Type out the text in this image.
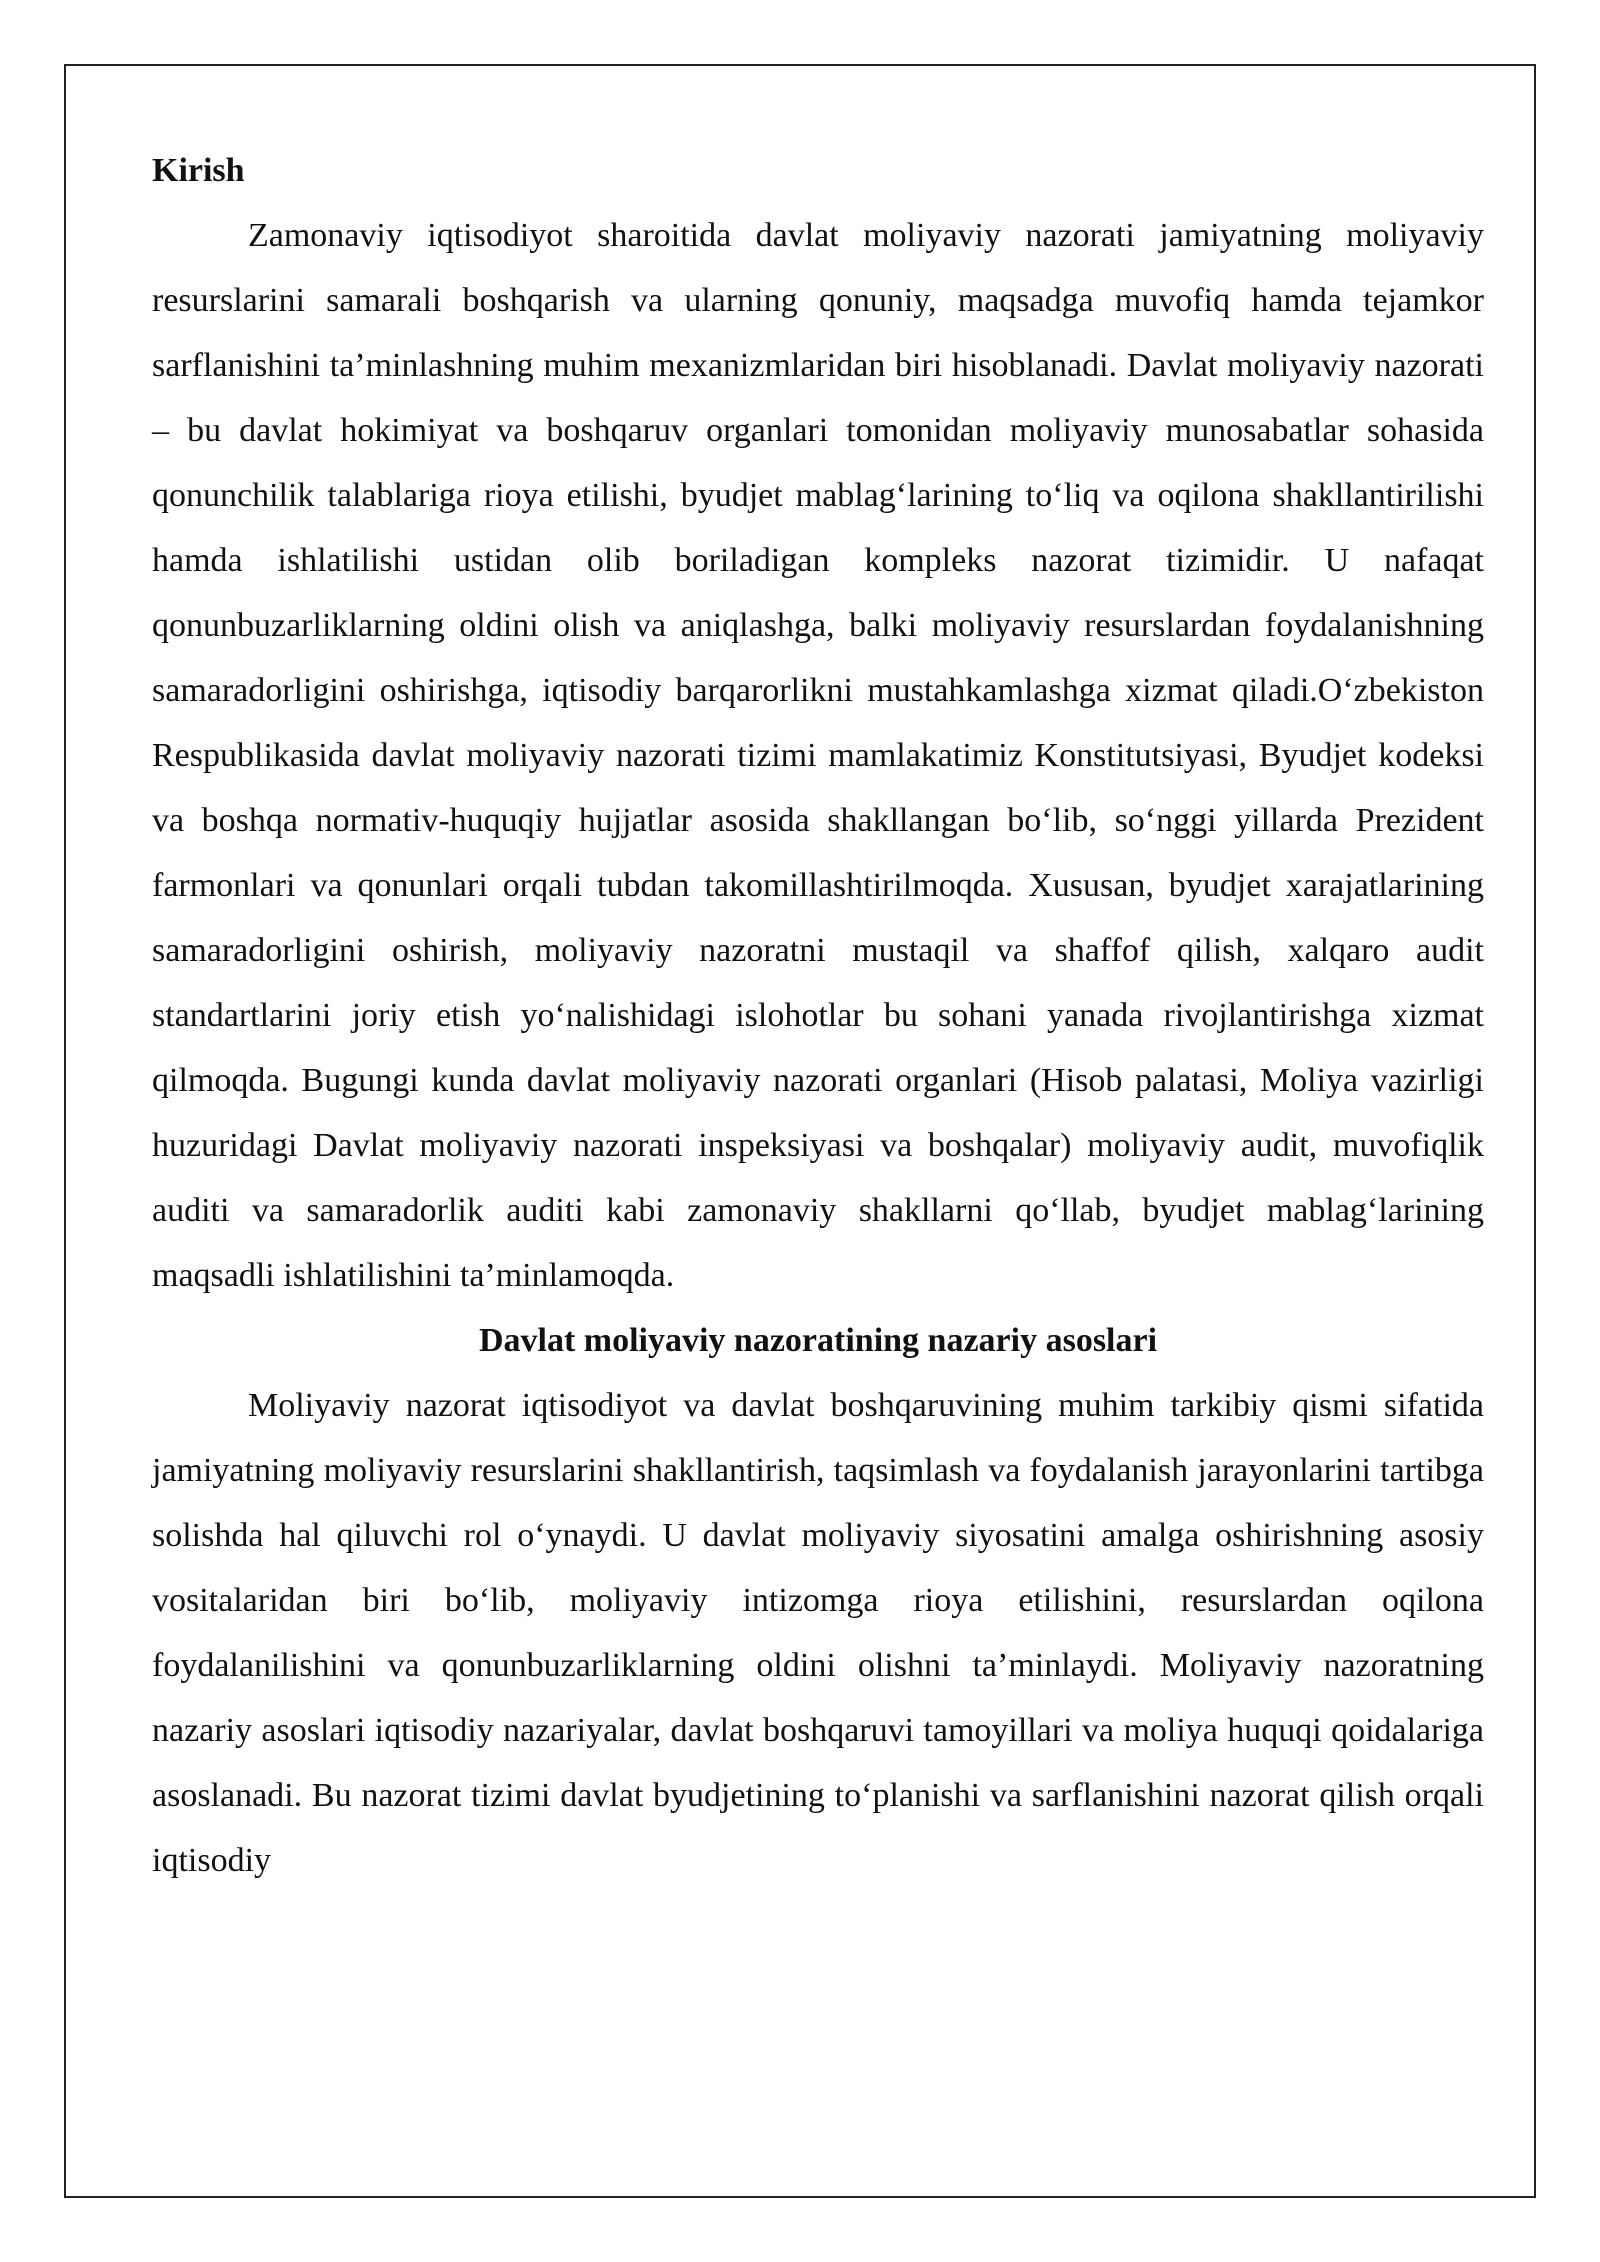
Kirish

Zamonaviy iqtisodiyot sharoitida davlat moliyaviy nazorati jamiyatning moliyaviy resurslarini samarali boshqarish va ularning qonuniy, maqsadga muvofiq hamda tejamkor sarflanishini ta’minlashning muhim mexanizmlaridan biri hisoblanadi. Davlat moliyaviy nazorati – bu davlat hokimiyat va boshqaruv organlari tomonidan moliyaviy munosabatlar sohasida qonunchilik talablariga rioya etilishi, byudjet mablag‘larining to‘liq va oqilona shakllantirilishi hamda ishlatilishi ustidan olib boriladigan kompleks nazorat tizimidir. U nafaqat qonunbuzarliklarning oldini olish va aniqlashga, balki moliyaviy resurslardan foydalanishning samaradorligini oshirishga, iqtisodiy barqarorlikni mustahkamlashga xizmat qiladi.O‘zbekiston Respublikasida davlat moliyaviy nazorati tizimi mamlakatimiz Konstitutsiyasi, Byudjet kodeksi va boshqa normativ-huquqiy hujjatlar asosida shakllangan bo‘lib, so‘nggi yillarda Prezident farmonlari va qonunlari orqali tubdan takomillashtirilmoqda. Xususan, byudjet xarajatlarining samaradorligini oshirish, moliyaviy nazoratni mustaqil va shaffof qilish, xalqaro audit standartlarini joriy etish yo‘nalishidagi islohotlar bu sohani yanada rivojlantirishga xizmat qilmoqda. Bugungi kunda davlat moliyaviy nazorati organlari (Hisob palatasi, Moliya vazirligi huzuridagi Davlat moliyaviy nazorati inspeksiyasi va boshqalar) moliyaviy audit, muvofiqlik auditi va samaradorlik auditi kabi zamonaviy shakllarni qo‘llab, byudjet mablag‘larining maqsadli ishlatilishini ta’minlamoqda.

Davlat moliyaviy nazoratining nazariy asoslari

Moliyaviy nazorat iqtisodiyot va davlat boshqaruvining muhim tarkibiy qismi sifatida jamiyatning moliyaviy resurslarini shakllantirish, taqsimlash va foydalanish jarayonlarini tartibga solishda hal qiluvchi rol o‘ynaydi. U davlat moliyaviy siyosatini amalga oshirishning asosiy vositalaridan biri bo‘lib, moliyaviy intizomga rioya etilishini, resurslardan oqilona foydalanilishini va qonunbuzarliklarning oldini olishni ta’minlaydi. Moliyaviy nazoratning nazariy asoslari iqtisodiy nazariyalar, davlat boshqaruvi tamoyillari va moliya huquqi qoidalariga asoslanadi. Bu nazorat tizimi davlat byudjetining to‘planishi va sarflanishini nazorat qilish orqali iqtisodiy
